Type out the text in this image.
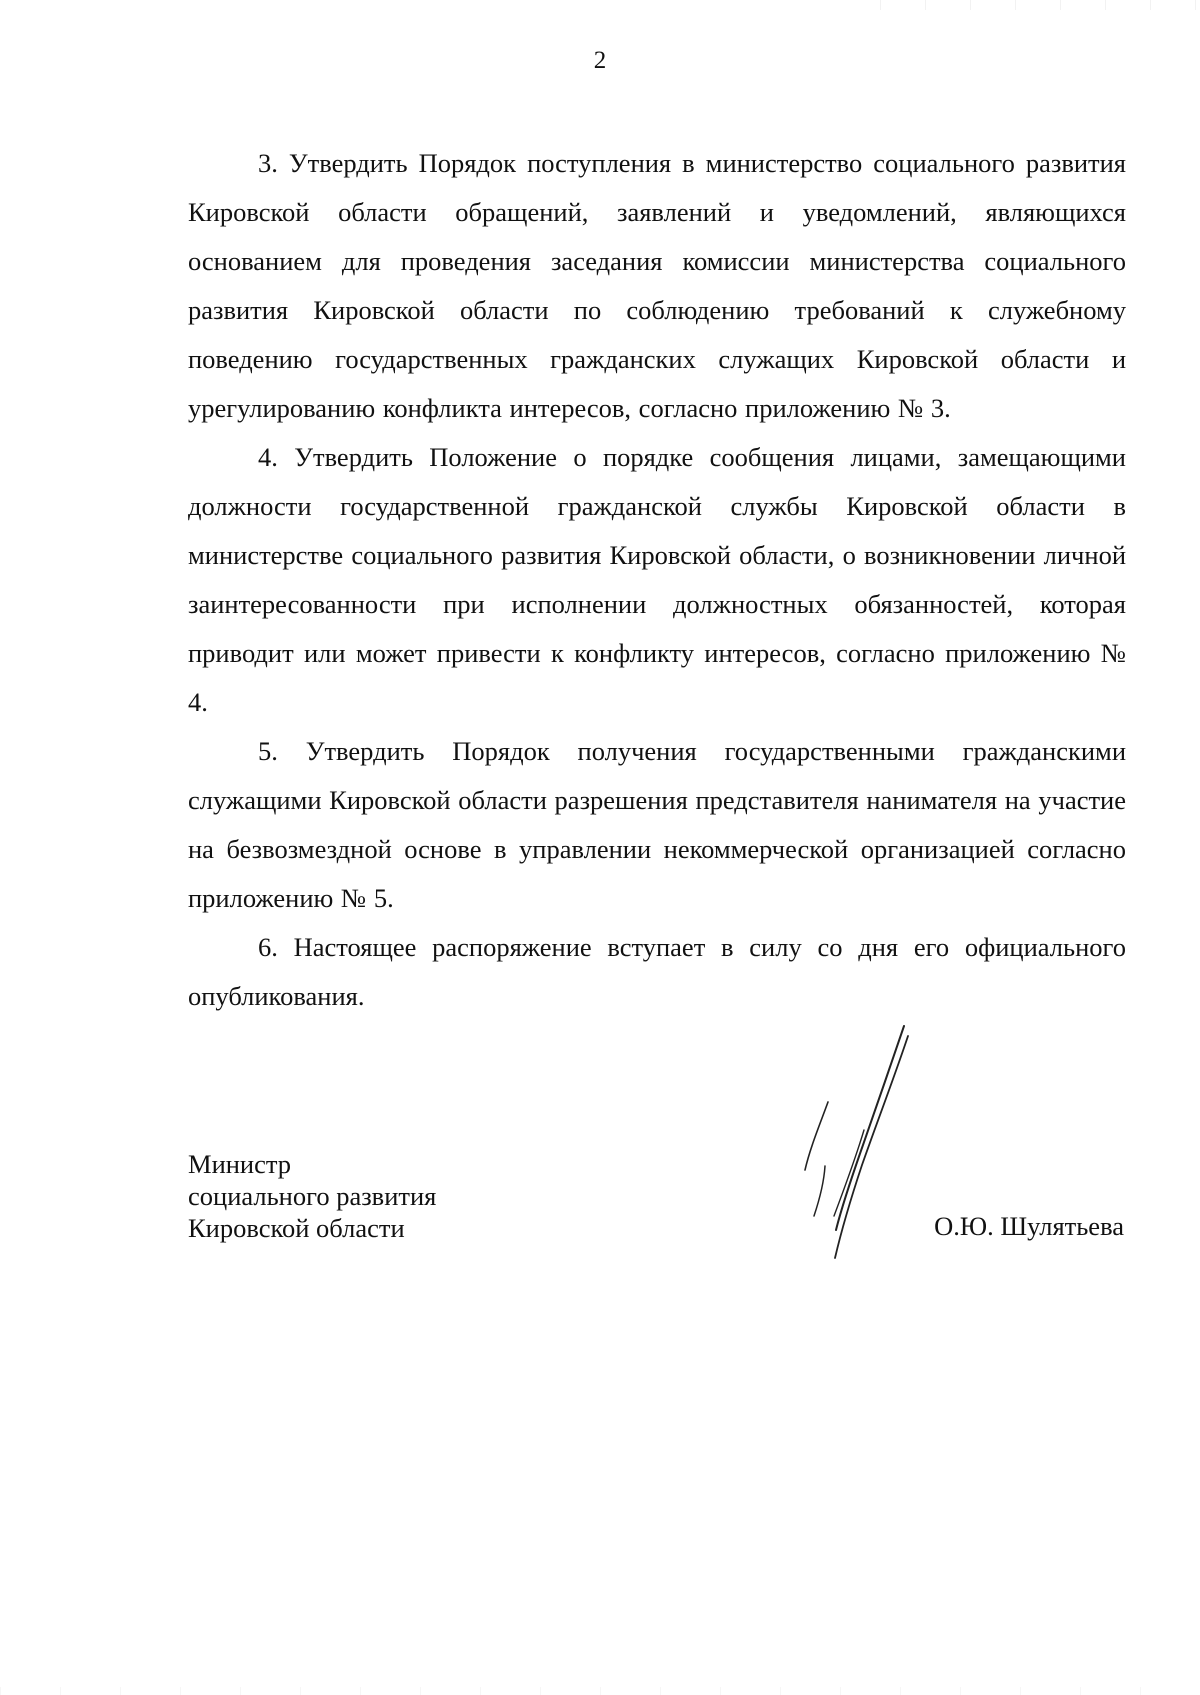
2

3. Утвердить Порядок поступления в министерство социального развития Кировской области обращений, заявлений и уведомлений, являющихся основанием для проведения заседания комиссии министерства социального развития Кировской области по соблюдению требований к служебному поведению государственных гражданских служащих Кировской области и урегулированию конфликта интересов, согласно приложению № 3.

4. Утвердить Положение о порядке сообщения лицами, замещающими должности государственной гражданской службы Кировской области в министерстве социального развития Кировской области, о возникновении личной заинтересованности при исполнении должностных обязанностей, которая приводит или может привести к конфликту интересов, согласно приложению № 4.

5. Утвердить Порядок получения государственными гражданскими служащими Кировской области разрешения представителя нанимателя на участие на безвозмездной основе в управлении некоммерческой организацией согласно приложению № 5.

6. Настоящее распоряжение вступает в силу со дня его официального опубликования.

Министр
социального развития
Кировской области	О.Ю. Шулятьева
